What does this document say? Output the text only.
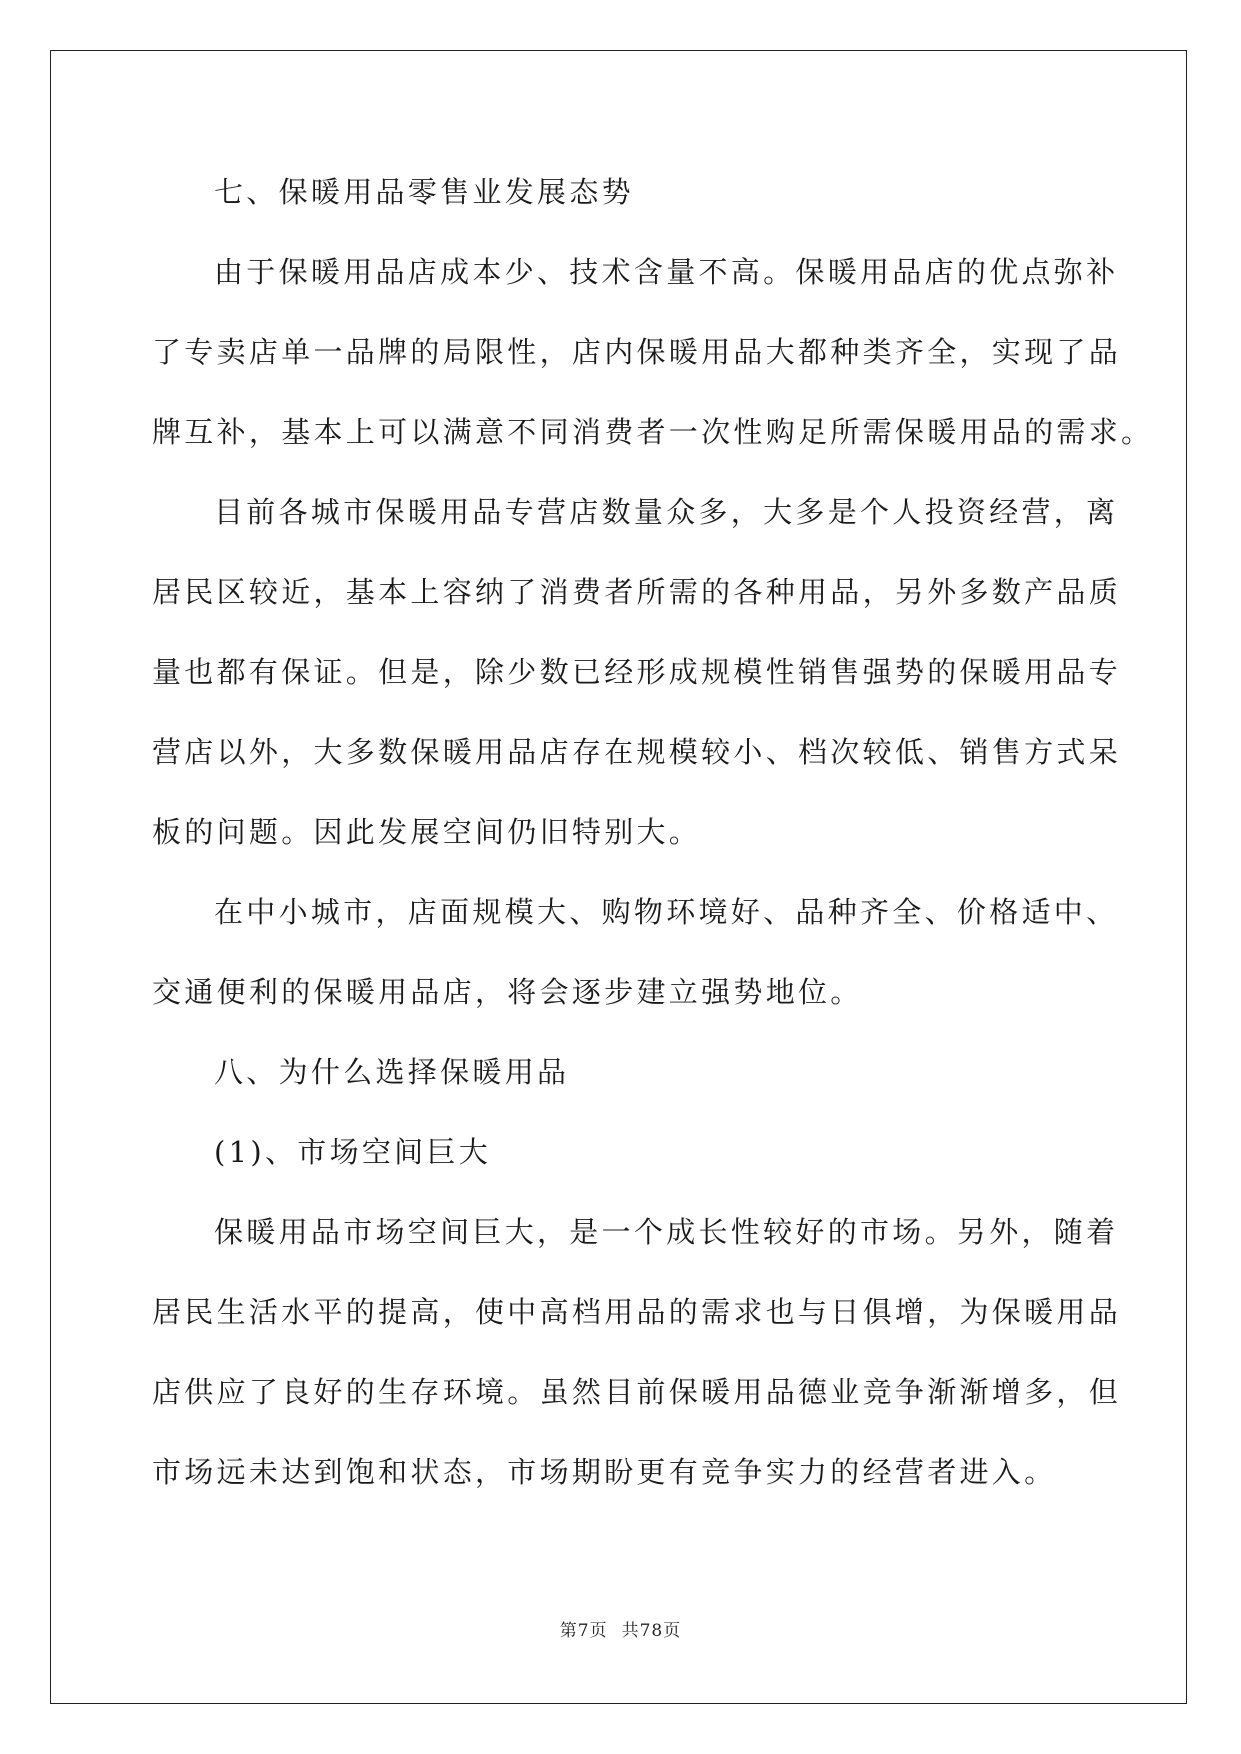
七、保暖用品零售业发展态势
由于保暖用品店成本少、技术含量不高。保暖用品店的优点弥补
了专卖店单一品牌的局限性，店内保暖用品大都种类齐全，实现了品
牌互补，基本上可以满意不同消费者一次性购足所需保暖用品的需求。
目前各城市保暖用品专营店数量众多，大多是个人投资经营，离
居民区较近，基本上容纳了消费者所需的各种用品，另外多数产品质
量也都有保证。但是，除少数已经形成规模性销售强势的保暖用品专
营店以外，大多数保暖用品店存在规模较小、档次较低、销售方式呆
板的问题。因此发展空间仍旧特别大。
在中小城市，店面规模大、购物环境好、品种齐全、价格适中、
交通便利的保暖用品店，将会逐步建立强势地位。
八、为什么选择保暖用品
(1)、市场空间巨大
保暖用品市场空间巨大，是一个成长性较好的市场。另外，随着
居民生活水平的提高，使中高档用品的需求也与日俱增，为保暖用品
店供应了良好的生存环境。虽然目前保暖用品德业竞争渐渐增多，但
市场远未达到饱和状态，市场期盼更有竞争实力的经营者进入。
第7页 共78页
